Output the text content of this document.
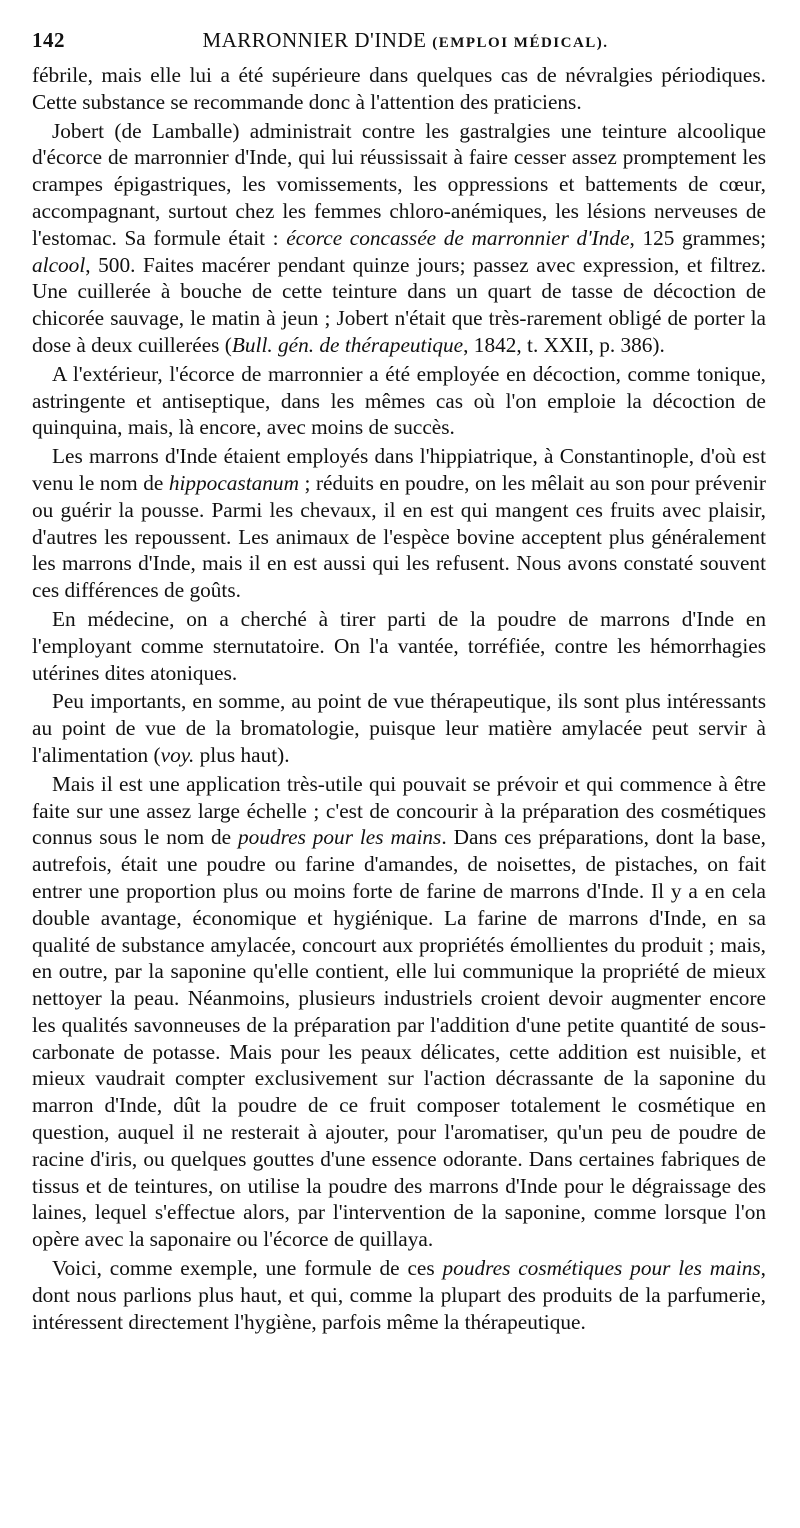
142	MARRONNIER D'INDE (EMPLOI MÉDICAL).

fébrile, mais elle lui a été supérieure dans quelques cas de névralgies périodiques. Cette substance se recommande donc à l'attention des praticiens.

Jobert (de Lamballe) administrait contre les gastralgies une teinture alcoolique d'écorce de marronnier d'Inde, qui lui réussissait à faire cesser assez promptement les crampes épigastriques, les vomissements, les oppressions et battements de cœur, accompagnant, surtout chez les femmes chloro-anémiques, les lésions nerveuses de l'estomac. Sa formule était : écorce concassée de marronnier d'Inde, 125 grammes; alcool, 500. Faites macérer pendant quinze jours; passez avec expression, et filtrez. Une cuillerée à bouche de cette teinture dans un quart de tasse de décoction de chicorée sauvage, le matin à jeun ; Jobert n'était que très-rarement obligé de porter la dose à deux cuillerées (Bull. gén. de thérapeutique, 1842, t. XXII, p. 386).

A l'extérieur, l'écorce de marronnier a été employée en décoction, comme tonique, astringente et antiseptique, dans les mêmes cas où l'on emploie la décoction de quinquina, mais, là encore, avec moins de succès.

Les marrons d'Inde étaient employés dans l'hippiatrique, à Constantinople, d'où est venu le nom de hippocastanum ; réduits en poudre, on les mêlait au son pour prévenir ou guérir la pousse. Parmi les chevaux, il en est qui mangent ces fruits avec plaisir, d'autres les repoussent. Les animaux de l'espèce bovine acceptent plus généralement les marrons d'Inde, mais il en est aussi qui les refusent. Nous avons constaté souvent ces différences de goûts.

En médecine, on a cherché à tirer parti de la poudre de marrons d'Inde en l'employant comme sternutatoire. On l'a vantée, torréfiée, contre les hémorrhagies utérines dites atoniques.

Peu importants, en somme, au point de vue thérapeutique, ils sont plus intéressants au point de vue de la bromatologie, puisque leur matière amylacée peut servir à l'alimentation (voy. plus haut).

Mais il est une application très-utile qui pouvait se prévoir et qui commence à être faite sur une assez large échelle ; c'est de concourir à la préparation des cosmétiques connus sous le nom de poudres pour les mains. Dans ces préparations, dont la base, autrefois, était une poudre ou farine d'amandes, de noisettes, de pistaches, on fait entrer une proportion plus ou moins forte de farine de marrons d'Inde. Il y a en cela double avantage, économique et hygiénique. La farine de marrons d'Inde, en sa qualité de substance amylacée, concourt aux propriétés émollientes du produit ; mais, en outre, par la saponine qu'elle contient, elle lui communique la propriété de mieux nettoyer la peau. Néanmoins, plusieurs industriels croient devoir augmenter encore les qualités savonneuses de la préparation par l'addition d'une petite quantité de sous-carbonate de potasse. Mais pour les peaux délicates, cette addition est nuisible, et mieux vaudrait compter exclusivement sur l'action décrassante de la saponine du marron d'Inde, dût la poudre de ce fruit composer totalement le cosmétique en question, auquel il ne resterait à ajouter, pour l'aromatiser, qu'un peu de poudre de racine d'iris, ou quelques gouttes d'une essence odorante. Dans certaines fabriques de tissus et de teintures, on utilise la poudre des marrons d'Inde pour le dégraissage des laines, lequel s'effectue alors, par l'intervention de la saponine, comme lorsque l'on opère avec la saponaire ou l'écorce de quillaya.

Voici, comme exemple, une formule de ces poudres cosmétiques pour les mains, dont nous parlions plus haut, et qui, comme la plupart des produits de la parfumerie, intéressent directement l'hygiène, parfois même la thérapeutique.
